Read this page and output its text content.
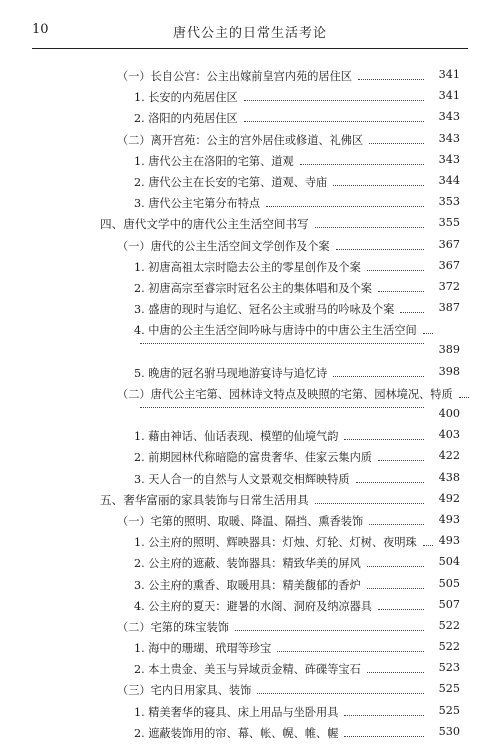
10	唐代公主的日常生活考论
（一）长自公宫：公主出嫁前皇宫内苑的居住区	341
1. 长安的内苑居住区	341
2. 洛阳的内苑居住区	343
（二）离开宫苑：公主的宫外居住或修道、礼佛区	343
1. 唐代公主在洛阳的宅第、道观	343
2. 唐代公主在长安的宅第、道观、寺庙	344
3. 唐代公主宅第分布特点	353
四、唐代文学中的唐代公主生活空间书写	355
（一）唐代的公主生活空间文学创作及个案	367
1. 初唐高祖太宗时隐去公主的零星创作及个案	367
2. 初唐高宗至睿宗时冠名公主的集体唱和及个案	372
3. 盛唐的现时与追忆、冠名公主或驸马的吟咏及个案	387
4. 中唐的公主生活空间吟咏与唐诗中的中唐公主生活空间
389
5. 晚唐的冠名驸马现地游宴诗与追忆诗	398
（二）唐代公主宅第、园林诗文特点及映照的宅第、园林境况、特质
400
1. 藉由神话、仙话表现、模塑的仙境气韵	403
2. 前期园林代称暗隐的富贵奢华、佳家云集内质	422
3. 天人合一的自然与人文景观交相辉映特质	438
五、奢华富丽的家具装饰与日常生活用具	492
（一）宅第的照明、取暖、降温、隔挡、熏香装饰	493
1. 公主府的照明、辉映器具：灯烛、灯轮、灯树、夜明珠	493
2. 公主府的遮蔽、装饰器具：精致华美的屏风	504
3. 公主府的熏香、取暖用具：精美馥郁的香炉	505
4. 公主府的夏天：避暑的水阁、洞府及纳凉器具	507
（二）宅第的珠宝装饰	522
1. 海中的珊瑚、玳瑁等珍宝	522
2. 本土贵金、美玉与异域贡金精、砗磲等宝石	523
（三）宅内日用家具、装饰	525
1. 精美奢华的寝具、床上用品与坐卧用具	525
2. 遮蔽装饰用的帘、幕、帐、幌、帷、幄	530
